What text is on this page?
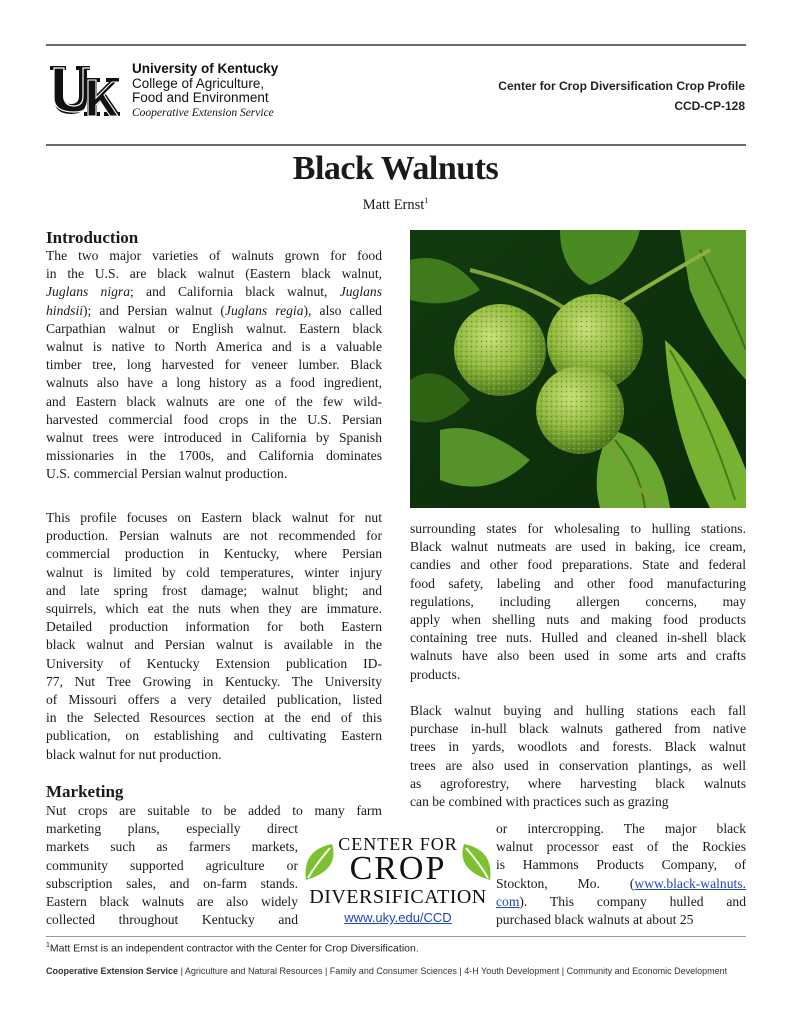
University of Kentucky
College of Agriculture,
Food and Environment
Cooperative Extension Service
Center for Crop Diversification Crop Profile
CCD-CP-128
Black Walnuts
Matt Ernst$^1$
Introduction
The two major varieties of walnuts grown for food
in the U.S. are black walnut (Eastern black walnut,
Juglans nigra; and California black walnut, Juglans
hindsii); and Persian walnut (Juglans regia), also called
Carpathian walnut or English walnut. Eastern black
walnut is native to North America and is a valuable
timber tree, long harvested for veneer lumber. Black
walnuts also have a long history as a food ingredient,
and Eastern black walnuts are one of the few wild-
harvested commercial food crops in the U.S. Persian
walnut trees were introduced in California by Spanish
missionaries in the 1700s, and California dominates
U.S. commercial Persian walnut production.
This profile focuses on Eastern black walnut for nut
production. Persian walnuts are not recommended for
commercial production in Kentucky, where Persian
walnut is limited by cold temperatures, winter injury
and late spring frost damage; walnut blight; and
squirrels, which eat the nuts when they are immature.
Detailed production information for both Eastern
black walnut and Persian walnut is available in the
University of Kentucky Extension publication ID-
77, Nut Tree Growing in Kentucky. The University
of Missouri offers a very detailed publication, listed
in the Selected Resources section at the end of this
publication, on establishing and cultivating Eastern
black walnut for nut production.
Marketing
Nut crops are suitable to be added to many farm
marketing plans, especially direct
markets such as farmers markets,
community supported agriculture or
subscription sales, and on-farm stands.
Eastern black walnuts are also widely
collected throughout Kentucky and
surrounding states for wholesaling to hulling stations.
Black walnut nutmeats are used in baking, ice cream,
candies and other food preparations. State and federal
food safety, labeling and other food manufacturing
regulations, including allergen concerns, may
apply when shelling nuts and making food products
containing tree nuts. Hulled and cleaned in-shell black
walnuts have also been used in some arts and crafts
products.
Black walnut buying and hulling stations each fall
purchase in-hull black walnuts gathered from native
trees in yards, woodlots and forests. Black walnut
trees are also used in conservation plantings, as well
as agroforestry, where harvesting black walnuts
can be combined with practices such as grazing
or intercropping. The major black
walnut processor east of the Rockies
is Hammons Products Company, of
Stockton, Mo. (www.black-walnuts.
com). This company hulled and
purchased black walnuts at about 25
CENTER FOR
CROP
DIVERSIFICATION
www.uky.edu/CCD
$^1$Matt Ernst is an independent contractor with the Center for Crop Diversification.
Cooperative Extension Service | Agriculture and Natural Resources | Family and Consumer Sciences | 4-H Youth Development | Community and Economic Development
